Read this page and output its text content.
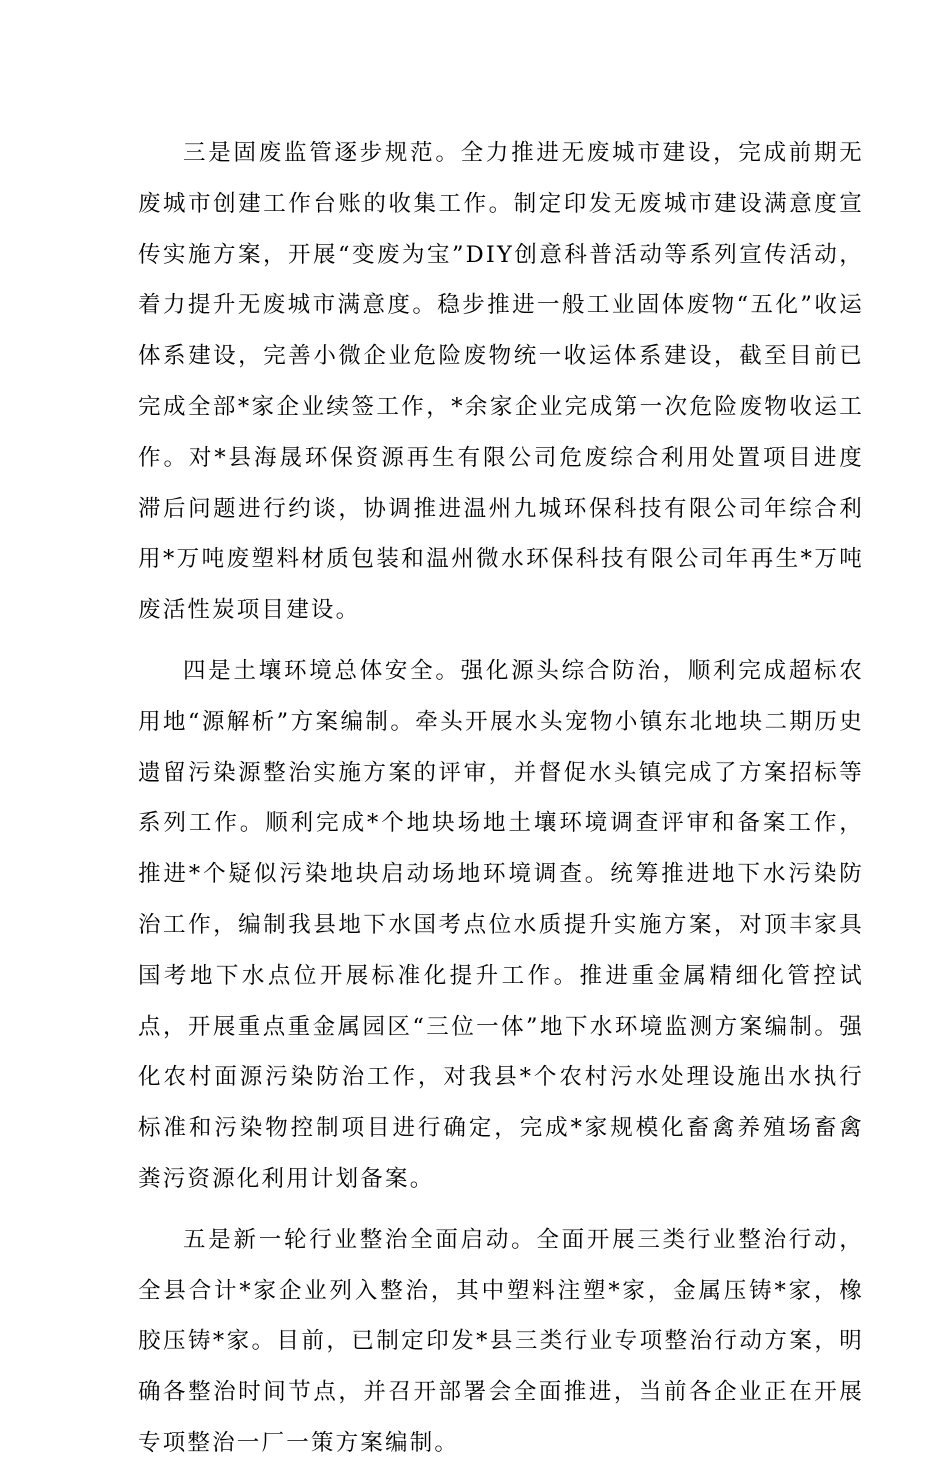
三是固废监管逐步规范。全力推进无废城市建设，完成前期无废城市创建工作台账的收集工作。制定印发无废城市建设满意度宣传实施方案，开展“变废为宝”DIY创意科普活动等系列宣传活动，着力提升无废城市满意度。稳步推进一般工业固体废物“五化”收运体系建设，完善小微企业危险废物统一收运体系建设，截至目前已完成全部*家企业续签工作，*余家企业完成第一次危险废物收运工作。对*县海晟环保资源再生有限公司危废综合利用处置项目进度滞后问题进行约谈，协调推进温州九城环保科技有限公司年综合利用*万吨废塑料材质包装和温州微水环保科技有限公司年再生*万吨废活性炭项目建设。

四是土壤环境总体安全。强化源头综合防治，顺利完成超标农用地“源解析”方案编制。牵头开展水头宠物小镇东北地块二期历史遗留污染源整治实施方案的评审，并督促水头镇完成了方案招标等系列工作。顺利完成*个地块场地土壤环境调查评审和备案工作，推进*个疑似污染地块启动场地环境调查。统筹推进地下水污染防治工作，编制我县地下水国考点位水质提升实施方案，对顶丰家具国考地下水点位开展标准化提升工作。推进重金属精细化管控试点，开展重点重金属园区“三位一体”地下水环境监测方案编制。强化农村面源污染防治工作，对我县*个农村污水处理设施出水执行标准和污染物控制项目进行确定，完成*家规模化畜禽养殖场畜禽粪污资源化利用计划备案。

五是新一轮行业整治全面启动。全面开展三类行业整治行动，全县合计*家企业列入整治，其中塑料注塑*家，金属压铸*家，橡胶压铸*家。目前，已制定印发*县三类行业专项整治行动方案，明确各整治时间节点，并召开部署会全面推进，当前各企业正在开展专项整治一厂一策方案编制。
